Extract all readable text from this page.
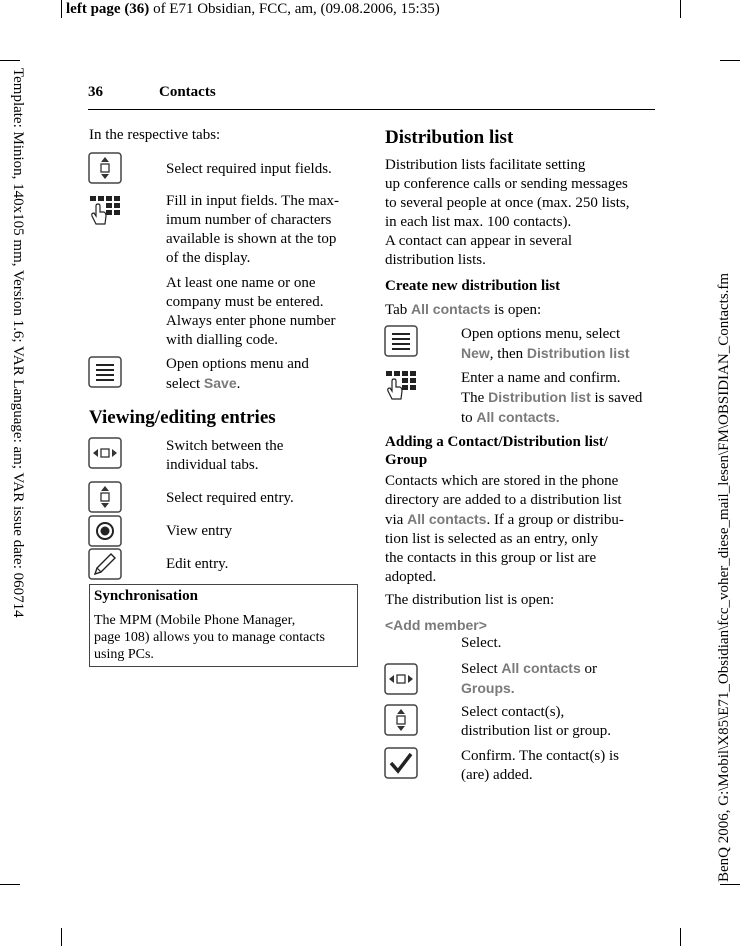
left page (36) of E71 Obsidian, FCC, am, (09.08.2006, 15:35)
Template: Minion, 140x105 mm, Version 1.6; VAR Language: am; VAR issue date: 060714	BenQ 2006, G:\Mobil\X85\E71_Obsidian\fcc_voher_diese_mail_lesen\FM\OBSIDIAN_Contacts.fm
36	Contacts
In the respective tabs:
Select required input fields.
Fill in input fields. The max-
imum number of characters
available is shown at the top
of the display.
At least one name or one
company must be entered.
Always enter phone number
with dialling code.
Open options menu and
select Save.
Viewing/editing entries
Switch between the
individual tabs.
Select required entry.
View entry
Edit entry.
Synchronisation
The MPM (Mobile Phone Manager,
page 108) allows you to manage contacts
using PCs.
Distribution list
Distribution lists facilitate setting
up conference calls or sending messages
to several people at once (max. 250 lists,
in each list max. 100 contacts).
A contact can appear in several
distribution lists.
Create new distribution list
Tab All contacts is open:
Open options menu, select
New, then Distribution list
Enter a name and confirm.
The Distribution list is saved
to All contacts.
Adding a Contact/Distribution list/
Group
Contacts which are stored in the phone
directory are added to a distribution list
via All contacts. If a group or distribu-
tion list is selected as an entry, only
the contacts in this group or list are
adopted.
The distribution list is open:
<Add member>
Select.
Select All contacts or
Groups.
Select contact(s),
distribution list or group.
Confirm. The contact(s) is
(are) added.
